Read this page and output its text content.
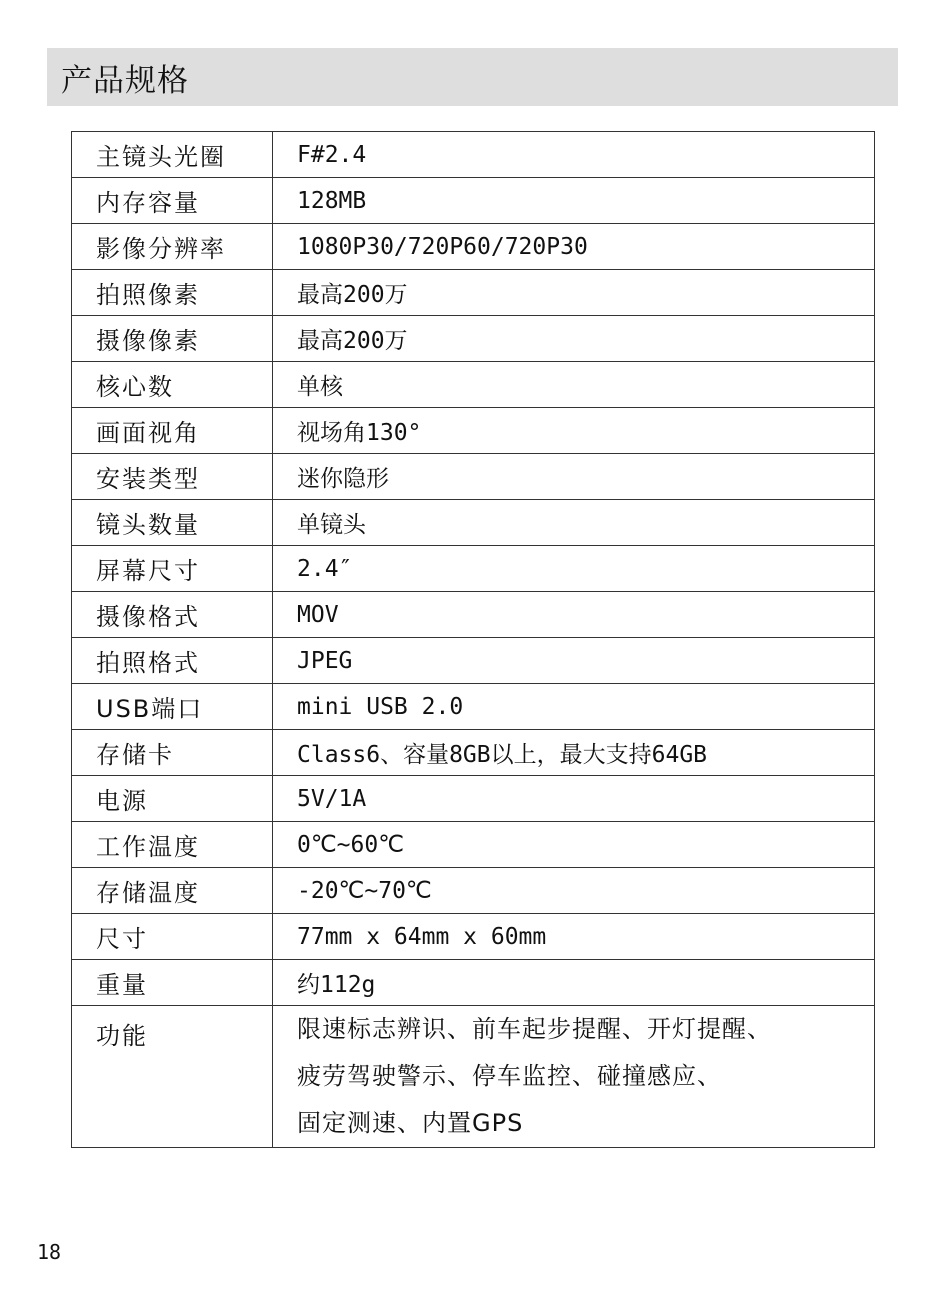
产品规格
主镜头光圈	F#2.4
内存容量	128MB
影像分辨率	1080P30/720P60/720P30
拍照像素	最高200万
摄像像素	最高200万
核心数	单核
画面视角	视场角130°
安装类型	迷你隐形
镜头数量	单镜头
屏幕尺寸	2.4″
摄像格式	MOV
拍照格式	JPEG
USB端口	mini USB 2.0
存储卡	Class6、容量8GB以上，最大支持64GB
电源	5V/1A
工作温度	0℃~60℃
存储温度	-20℃~70℃
尺寸	77mm x 64mm x 60mm
重量	约112g
功能	限速标志辨识、前车起步提醒、开灯提醒、
疲劳驾驶警示、停车监控、碰撞感应、
固定测速、内置GPS
18
